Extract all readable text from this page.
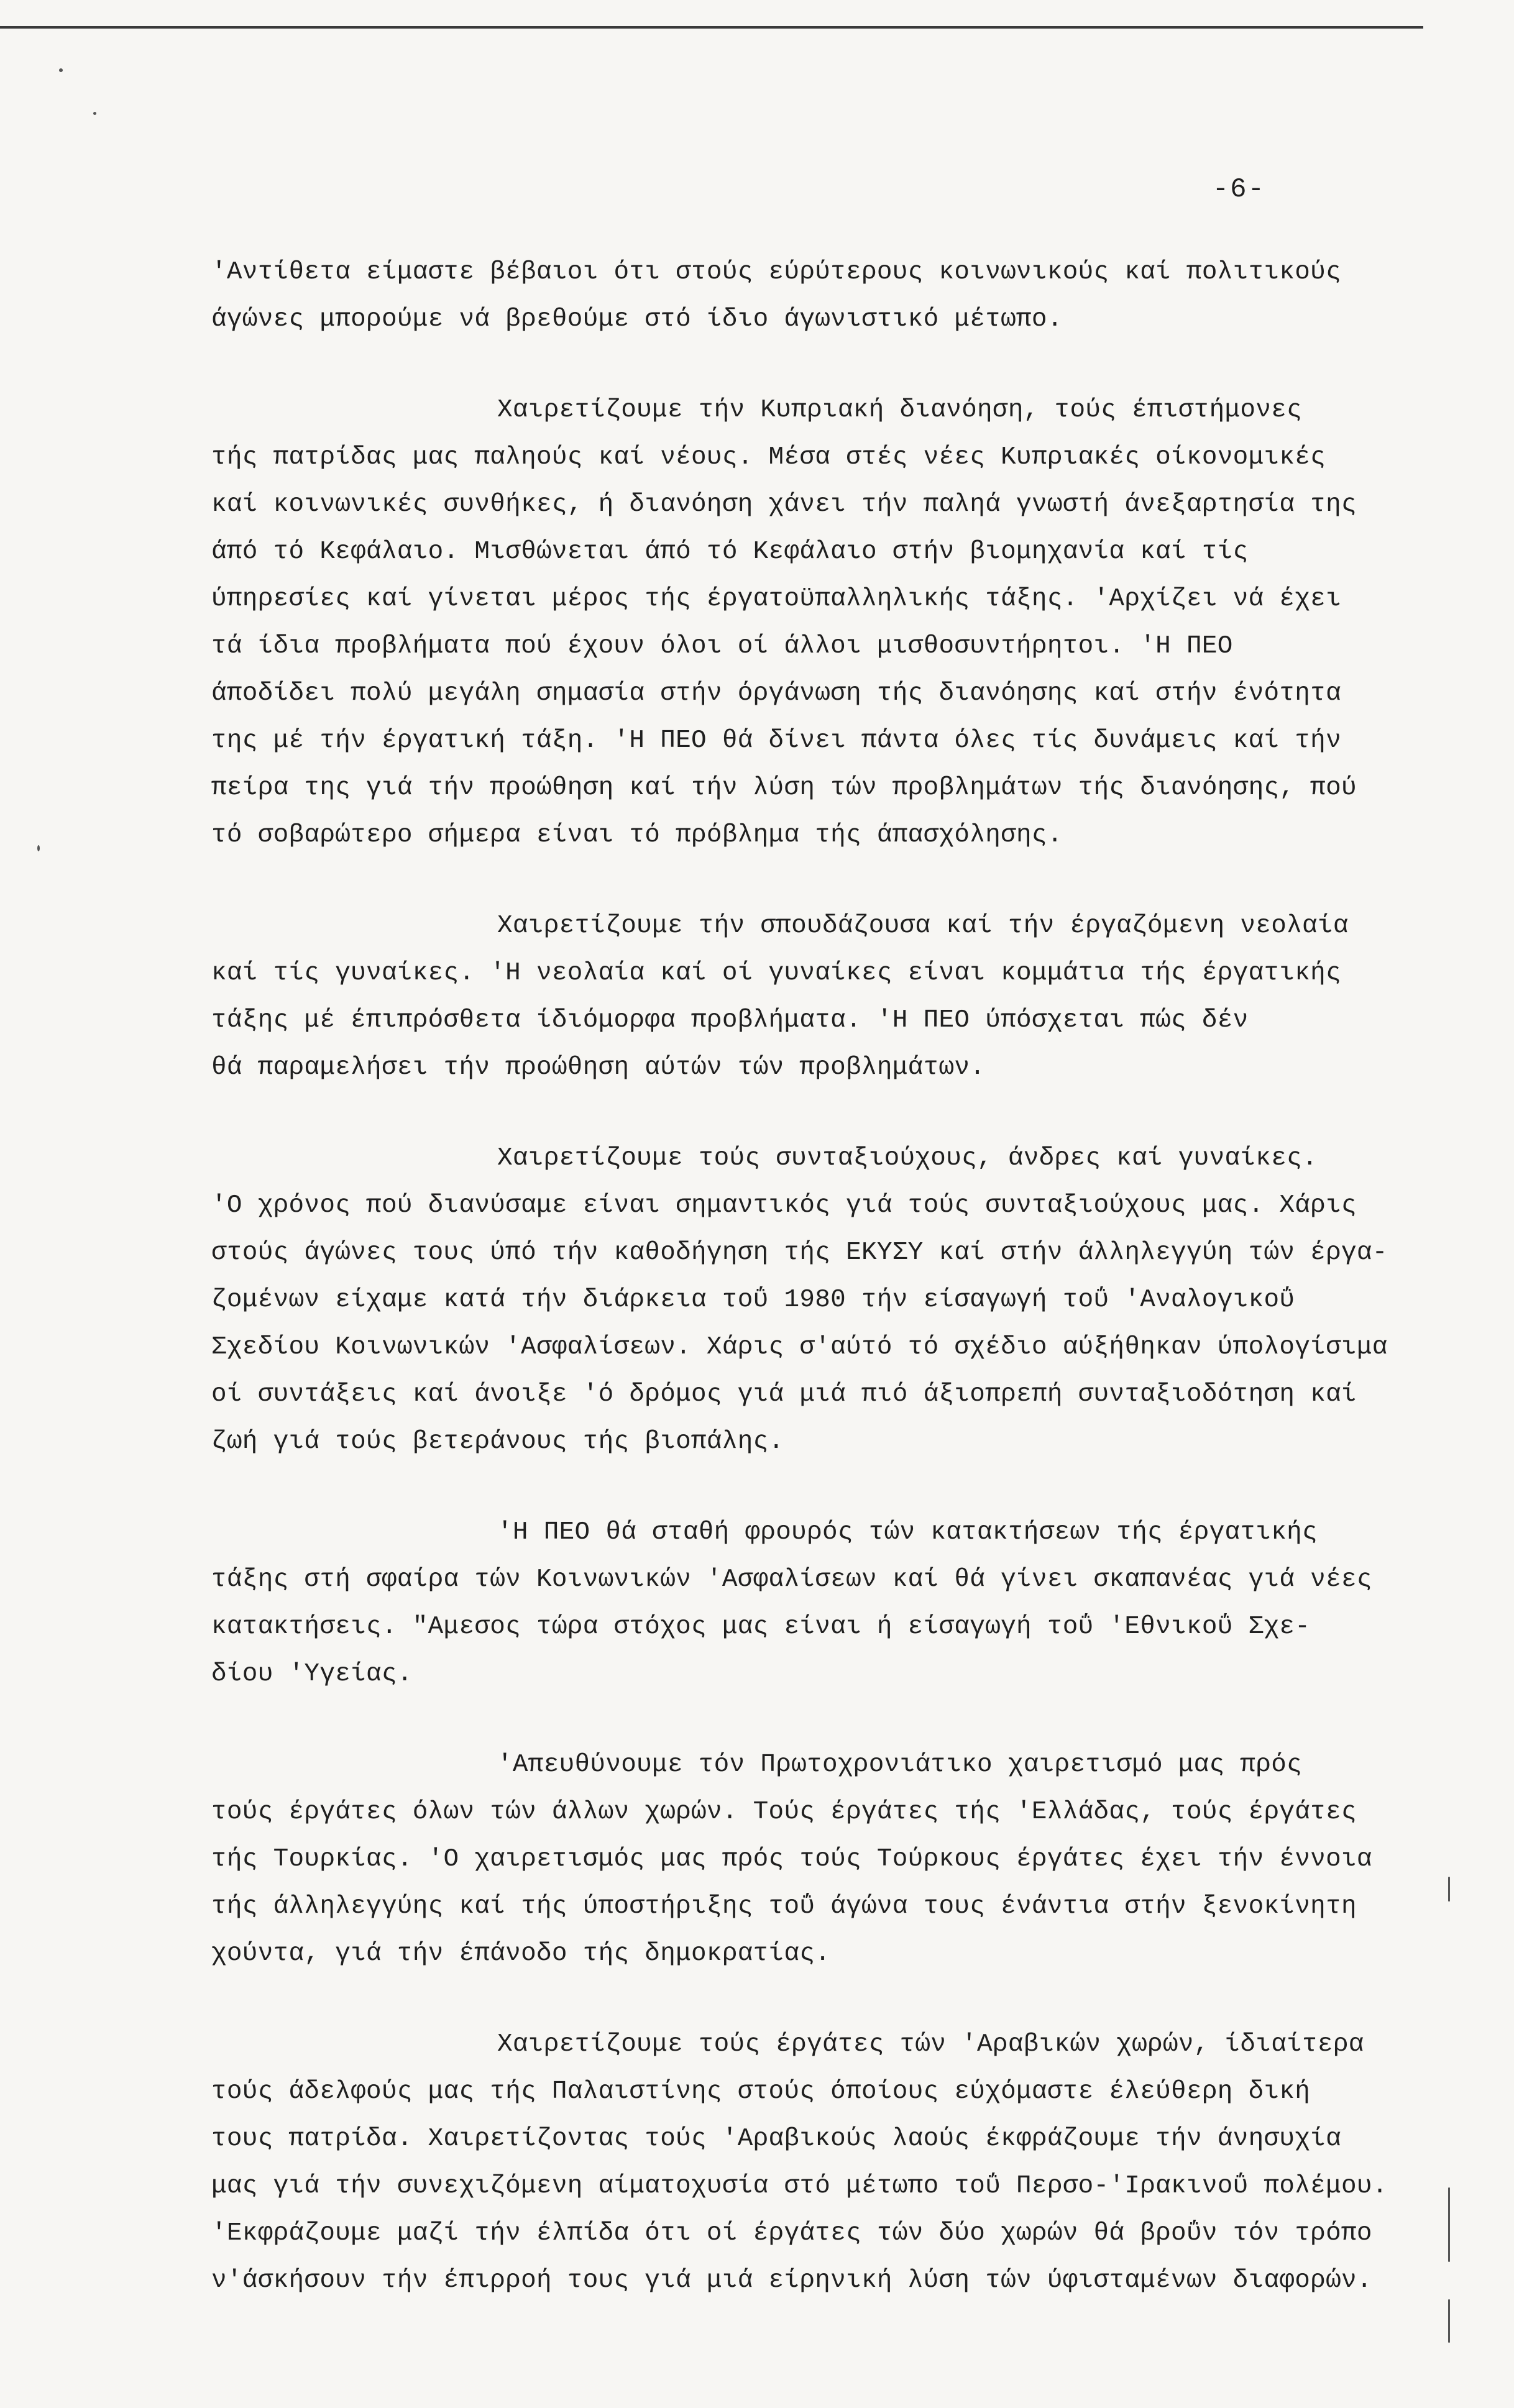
-6-
'Αντίθετα είμαστε βέβαιοι ότι στούς εύρύτερους κοινωνικούς καί πολιτικούς
άγώνες μπορούμε νά βρεθούμε στό ίδιο άγωνιστικό μέτωπο.
Χαιρετίζουμε τήν Κυπριακή διανόηση, τούς έπιστήμονες
τής πατρίδας μας παληούς καί νέους. Μέσα στές νέες Κυπριακές οίκονομικές
καί κοινωνικές συνθήκες, ή διανόηση χάνει τήν παληά γνωστή άνεξαρτησία της
άπό τό Κεφάλαιο. Μισθώνεται άπό τό Κεφάλαιο στήν βιομηχανία καί τίς
ύπηρεσίες καί γίνεται μέρος τής έργατοϋπαλληλικής τάξης. 'Αρχίζει νά έχει
τά ίδια προβλήματα πού έχουν όλοι οί άλλοι μισθοσυντήρητοι. 'Η ΠΕΟ
άποδίδει πολύ μεγάλη σημασία στήν όργάνωση τής διανόησης καί στήν ένότητα
της μέ τήν έργατική τάξη. 'Η ΠΕΟ θά δίνει πάντα όλες τίς δυνάμεις καί τήν
πείρα της γιά τήν προώθηση καί τήν λύση τών προβλημάτων τής διανόησης, πού
τό σοβαρώτερο σήμερα είναι τό πρόβλημα τής άπασχόλησης.
Χαιρετίζουμε τήν σπουδάζουσα καί τήν έργαζόμενη νεολαία
καί τίς γυναίκες. 'Η νεολαία καί οί γυναίκες είναι κομμάτια τής έργατικής
τάξης μέ έπιπρόσθετα ίδιόμορφα προβλήματα. 'Η ΠΕΟ ύπόσχεται πώς δέν
θά παραμελήσει τήν προώθηση αύτών τών προβλημάτων.
Χαιρετίζουμε τούς συνταξιούχους, άνδρες καί γυναίκες.
'Ο χρόνος πού διανύσαμε είναι σημαντικός γιά τούς συνταξιούχους μας. Χάρις
στούς άγώνες τους ύπό τήν καθοδήγηση τής ΕΚΥΣΥ καί στήν άλληλεγγύη τών έργα-
ζομένων είχαμε κατά τήν διάρκεια τοΰ 1980 τήν είσαγωγή τοΰ 'Αναλογικοΰ
Σχεδίου Κοινωνικών 'Ασφαλίσεων. Χάρις σ'αύτό τό σχέδιο αύξήθηκαν ύπολογίσιμα
οί συντάξεις καί άνοιξε 'ό δρόμος γιά μιά πιό άξιοπρεπή συνταξιοδότηση καί
ζωή γιά τούς βετεράνους τής βιοπάλης.
'Η ΠΕΟ θά σταθή φρουρός τών κατακτήσεων τής έργατικής
τάξης στή σφαίρα τών Κοινωνικών 'Ασφαλίσεων καί θά γίνει σκαπανέας γιά νέες
κατακτήσεις. "Αμεσος τώρα στόχος μας είναι ή είσαγωγή τοΰ 'Εθνικοΰ Σχε-
δίου 'Υγείας.
'Απευθύνουμε τόν Πρωτοχρονιάτικο χαιρετισμό μας πρός
τούς έργάτες όλων τών άλλων χωρών. Τούς έργάτες τής 'Ελλάδας, τούς έργάτες
τής Τουρκίας. 'Ο χαιρετισμός μας πρός τούς Τούρκους έργάτες έχει τήν έννοια
τής άλληλεγγύης καί τής ύποστήριξης τοΰ άγώνα τους ένάντια στήν ξενοκίνητη
χούντα, γιά τήν έπάνοδο τής δημοκρατίας.
Χαιρετίζουμε τούς έργάτες τών 'Αραβικών χωρών, ίδιαίτερα
τούς άδελφούς μας τής Παλαιστίνης στούς όποίους εύχόμαστε έλεύθερη δική
τους πατρίδα. Χαιρετίζοντας τούς 'Αραβικούς λαούς έκφράζουμε τήν άνησυχία
μας γιά τήν συνεχιζόμενη αίματοχυσία στό μέτωπο τοΰ Περσο-'Ιρακινοΰ πολέμου.
'Εκφράζουμε μαζί τήν έλπίδα ότι οί έργάτες τών δύο χωρών θά βροΰν τόν τρόπο
ν'άσκήσουν τήν έπιρροή τους γιά μιά είρηνική λύση τών ύφισταμένων διαφορών.
